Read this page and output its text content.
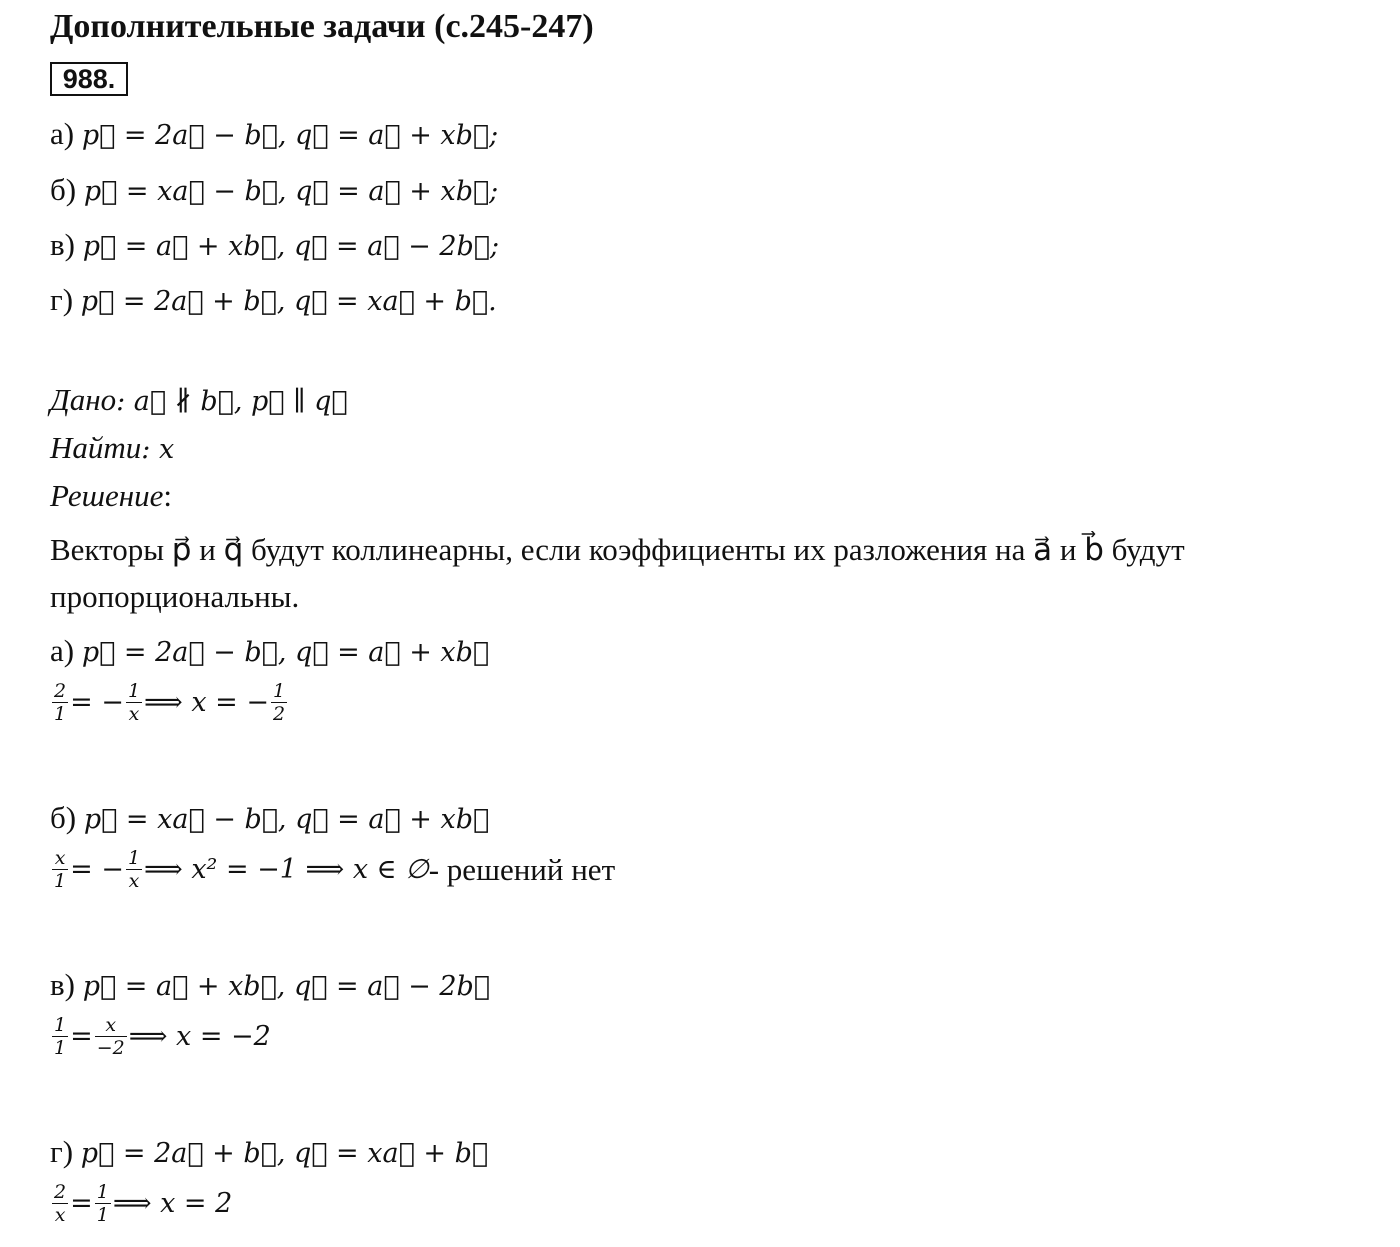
Дополнительные задачи (с.245-247)
988.
а) p⃗ = 2a⃗ − b⃗, q⃗ = a⃗ + xb⃗;
б) p⃗ = xa⃗ − b⃗, q⃗ = a⃗ + xb⃗;
в) p⃗ = a⃗ + xb⃗, q⃗ = a⃗ − 2b⃗;
г) p⃗ = 2a⃗ + b⃗, q⃗ = xa⃗ + b⃗.
Дано: a⃗ ∦ b⃗, p⃗ ∥ q⃗
Найти: x
Решение:
Векторы p⃗ и q⃗ будут коллинеарны, если коэффициенты их разложения на a⃗ и b⃗ будут
пропорциональны.
а) p⃗ = 2a⃗ − b⃗, q⃗ = a⃗ + xb⃗
$\frac{2}{1}$ = − $\frac{1}{x}$ ⟹ x = − $\frac{1}{2}$
б) p⃗ = xa⃗ − b⃗, q⃗ = a⃗ + xb⃗
$\frac{x}{1}$ = − $\frac{1}{x}$ ⟹ x² = −1 ⟹ x ∈ ∅- решений нет
в) p⃗ = a⃗ + xb⃗, q⃗ = a⃗ − 2b⃗
$\frac{1}{1} = \frac{x}{-2}$ ⟹ x = −2
г) p⃗ = 2a⃗ + b⃗, q⃗ = xa⃗ + b⃗
$\frac{2}{x} = \frac{1}{1}$ ⟹ x = 2
